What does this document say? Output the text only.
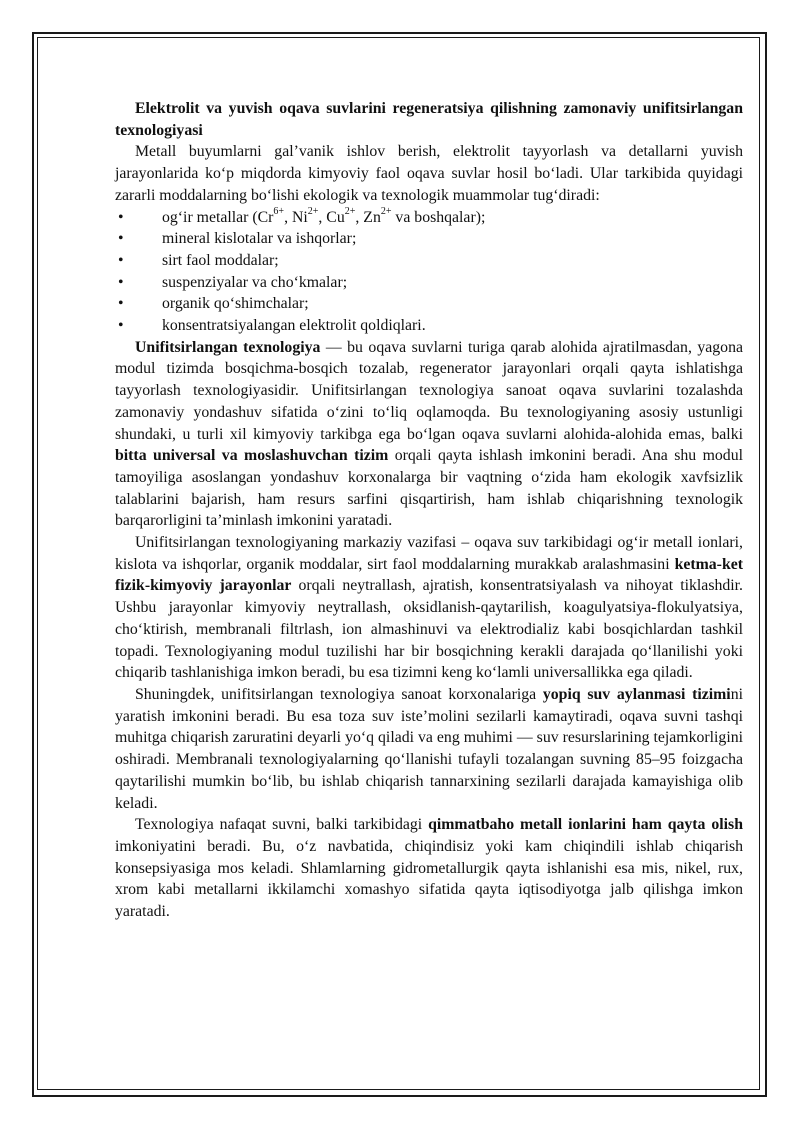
Elektrolit va yuvish oqava suvlarini regeneratsiya qilishning zamonaviy unifitsirlangan texnologiyasi

Metall buyumlarni gal’vanik ishlov berish, elektrolit tayyorlash va detallarni yuvish jarayonlarida ko‘p miqdorda kimyoviy faol oqava suvlar hosil bo‘ladi. Ular tarkibida quyidagi zararli moddalarning bo‘lishi ekologik va texnologik muammolar tug‘diradi:

• og‘ir metallar ($Cr^{6+}$, $Ni^{2+}$, $Cu^{2+}$, $Zn^{2+}$ va boshqalar);
• mineral kislotalar va ishqorlar;
• sirt faol moddalar;
• suspenziyalar va cho‘kmalar;
• organik qo‘shimchalar;
• konsentratsiyalangan elektrolit qoldiqlari.

Unifitsirlangan texnologiya — bu oqava suvlarni turiga qarab alohida ajratilmasdan, yagona modul tizimda bosqichma-bosqich tozalab, regenerator jarayonlari orqali qayta ishlatishga tayyorlash texnologiyasidir. Unifitsirlangan texnologiya sanoat oqava suvlarini tozalashda zamonaviy yondashuv sifatida o‘zini to‘liq oqlamoqda. Bu texnologiyaning asosiy ustunligi shundaki, u turli xil kimyoviy tarkibga ega bo‘lgan oqava suvlarni alohida-alohida emas, balki bitta universal va moslashuvchan tizim orqali qayta ishlash imkonini beradi. Ana shu modul tamoyiliga asoslangan yondashuv korxonalarga bir vaqtning o‘zida ham ekologik xavfsizlik talablarini bajarish, ham resurs sarfini qisqartirish, ham ishlab chiqarishning texnologik barqarorligini ta’minlash imkonini yaratadi.

Unifitsirlangan texnologiyaning markaziy vazifasi – oqava suv tarkibidagi og‘ir metall ionlari, kislota va ishqorlar, organik moddalar, sirt faol moddalarning murakkab aralashmasini ketma-ket fizik-kimyoviy jarayonlar orqali neytrallash, ajratish, konsentratsiyalash va nihoyat tiklashdir. Ushbu jarayonlar kimyoviy neytrallash, oksidlanish-qaytarilish, koagulyatsiya-flokulyatsiya, cho‘ktirish, membranali filtrlash, ion almashinuvi va elektrodializ kabi bosqichlardan tashkil topadi. Texnologiyaning modul tuzilishi har bir bosqichning kerakli darajada qo‘llanilishi yoki chiqarib tashlanishiga imkon beradi, bu esa tizimni keng ko‘lamli universallikka ega qiladi.

Shuningdek, unifitsirlangan texnologiya sanoat korxonalariga yopiq suv aylanmasi tizimini yaratish imkonini beradi. Bu esa toza suv iste’molini sezilarli kamaytiradi, oqava suvni tashqi muhitga chiqarish zaruratini deyarli yo‘q qiladi va eng muhimi — suv resurslarining tejamkorligini oshiradi. Membranali texnologiyalarning qo‘llanishi tufayli tozalangan suvning 85–95 foizgacha qaytarilishi mumkin bo‘lib, bu ishlab chiqarish tannarxining sezilarli darajada kamayishiga olib keladi.

Texnologiya nafaqat suvni, balki tarkibidagi qimmatbaho metall ionlarini ham qayta olish imkoniyatini beradi. Bu, o‘z navbatida, chiqindisiz yoki kam chiqindili ishlab chiqarish konsepsiyasiga mos keladi. Shlamlarning gidrometallurgik qayta ishlanishi esa mis, nikel, rux, xrom kabi metallarni ikkilamchi xomashyo sifatida qayta iqtisodiyotga jalb qilishga imkon yaratadi.
